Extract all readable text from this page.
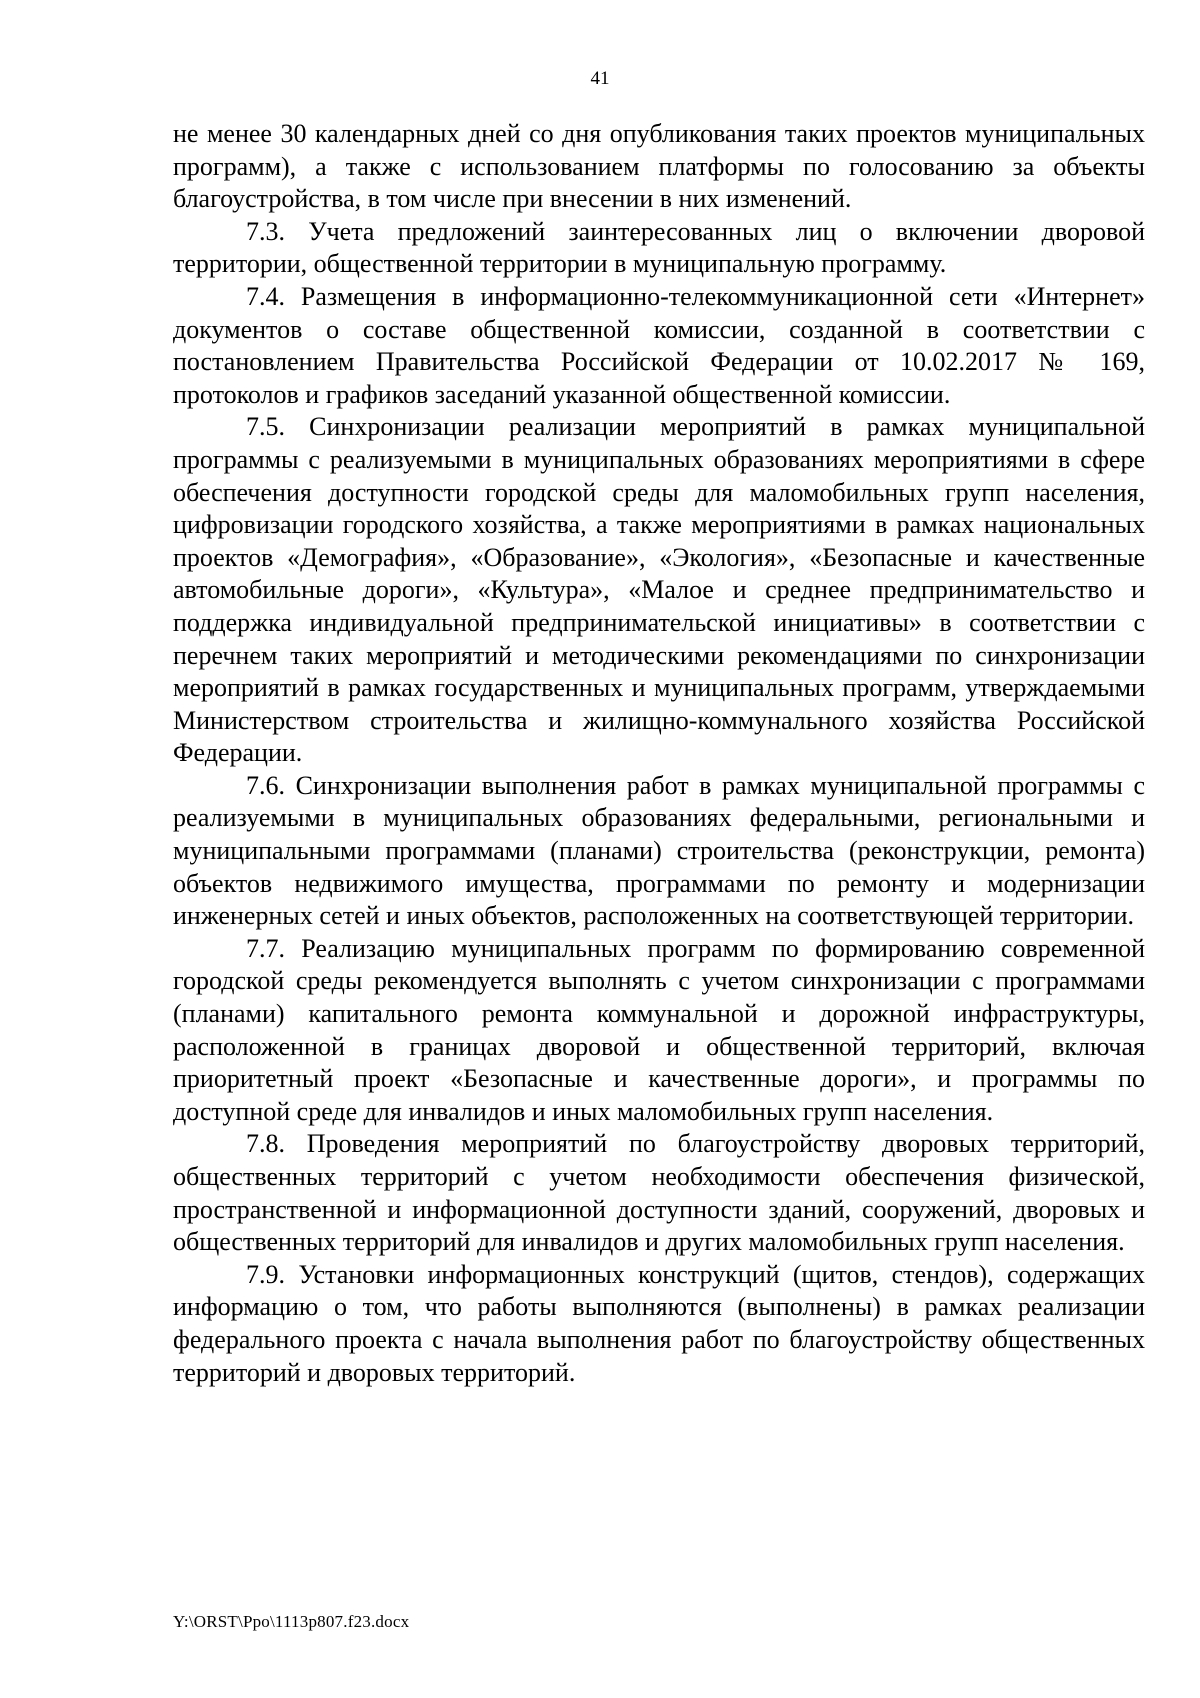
41

не менее 30 календарных дней со дня опубликования таких проектов муниципальных программ), а также с использованием платформы по голосованию за объекты благоустройства, в том числе при внесении в них изменений.

7.3. Учета предложений заинтересованных лиц о включении дворовой территории, общественной территории в муниципальную программу.

7.4. Размещения в информационно-телекоммуникационной сети «Интернет» документов о составе общественной комиссии, созданной в соответствии с постановлением Правительства Российской Федерации от 10.02.2017 № 169, протоколов и графиков заседаний указанной общественной комиссии.

7.5. Синхронизации реализации мероприятий в рамках муниципальной программы с реализуемыми в муниципальных образованиях мероприятиями в сфере обеспечения доступности городской среды для маломобильных групп населения, цифровизации городского хозяйства, а также мероприятиями в рамках национальных проектов «Демография», «Образование», «Экология», «Безопасные и качественные автомобильные дороги», «Культура», «Малое и среднее предпринимательство и поддержка индивидуальной предпринимательской инициативы» в соответствии с перечнем таких мероприятий и методическими рекомендациями по синхронизации мероприятий в рамках государственных и муниципальных программ, утверждаемыми Министерством строительства и жилищно-коммунального хозяйства Российской Федерации.

7.6. Синхронизации выполнения работ в рамках муниципальной программы с реализуемыми в муниципальных образованиях федеральными, региональными и муниципальными программами (планами) строительства (реконструкции, ремонта) объектов недвижимого имущества, программами по ремонту и модернизации инженерных сетей и иных объектов, расположенных на соответствующей территории.

7.7. Реализацию муниципальных программ по формированию современной городской среды рекомендуется выполнять с учетом синхронизации с программами (планами) капитального ремонта коммунальной и дорожной инфраструктуры, расположенной в границах дворовой и общественной территорий, включая приоритетный проект «Безопасные и качественные дороги», и программы по доступной среде для инвалидов и иных маломобильных групп населения.

7.8. Проведения мероприятий по благоустройству дворовых территорий, общественных территорий с учетом необходимости обеспечения физической, пространственной и информационной доступности зданий, сооружений, дворовых и общественных территорий для инвалидов и других маломобильных групп населения.

7.9. Установки информационных конструкций (щитов, стендов), содержащих информацию о том, что работы выполняются (выполнены) в рамках реализации федерального проекта с начала выполнения работ по благоустройству общественных территорий и дворовых территорий.

Y:\ORST\Ppo\1113p807.f23.docx
